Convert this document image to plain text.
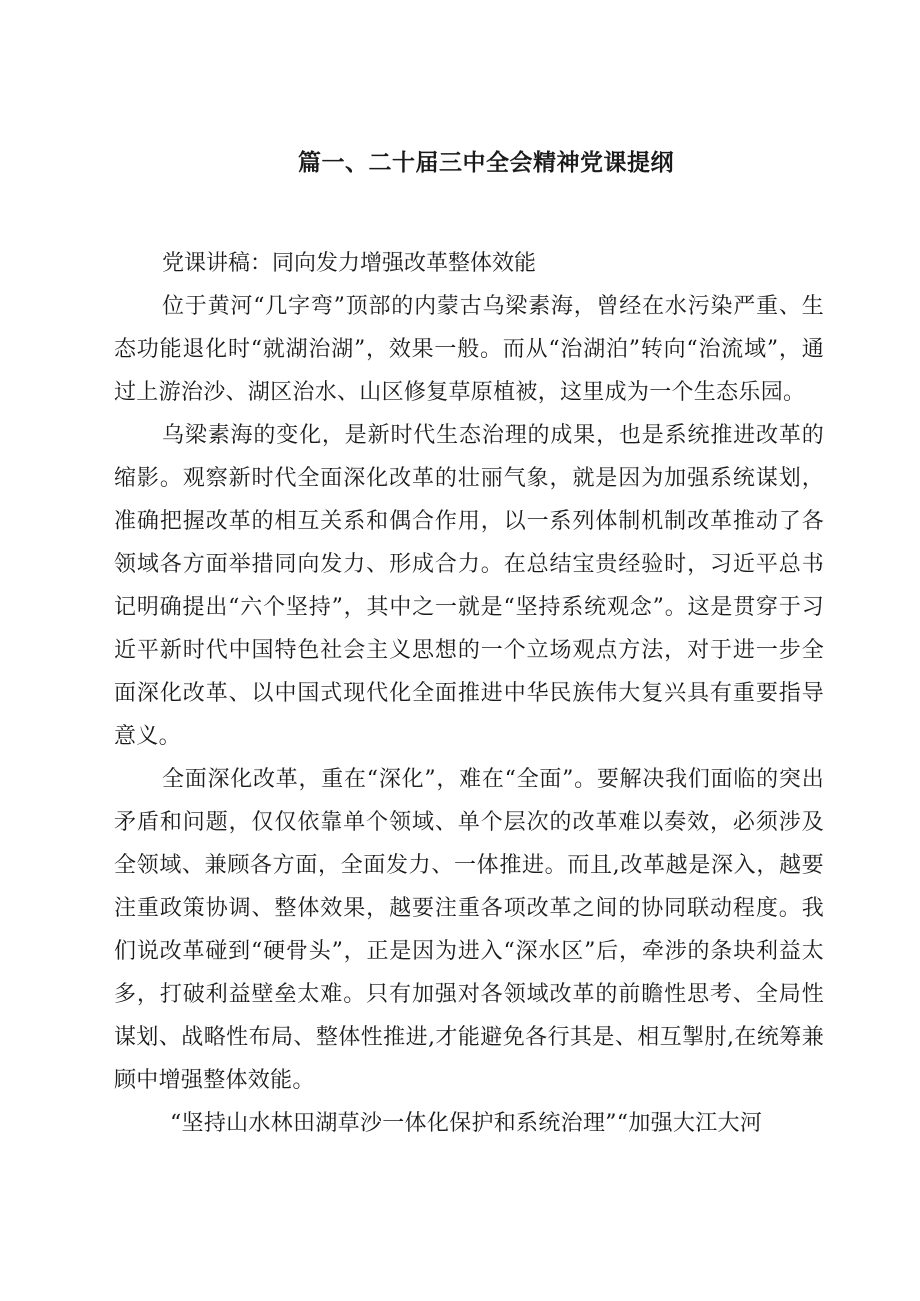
篇一、二十届三中全会精神党课提纲

党课讲稿：同向发力增强改革整体效能

位于黄河“几字弯”顶部的内蒙古乌梁素海，曾经在水污染严重、生态功能退化时“就湖治湖”，效果一般。而从“治湖泊”转向“治流域”，通过上游治沙、湖区治水、山区修复草原植被，这里成为一个生态乐园。

乌梁素海的变化，是新时代生态治理的成果，也是系统推进改革的缩影。观察新时代全面深化改革的壮丽气象，就是因为加强系统谋划，准确把握改革的相互关系和偶合作用，以一系列体制机制改革推动了各领域各方面举措同向发力、形成合力。在总结宝贵经验时，习近平总书记明确提出“六个坚持”，其中之一就是“坚持系统观念”。这是贯穿于习近平新时代中国特色社会主义思想的一个立场观点方法，对于进一步全面深化改革、以中国式现代化全面推进中华民族伟大复兴具有重要指导意义。

全面深化改革，重在“深化”，难在“全面”。要解决我们面临的突出矛盾和问题，仅仅依靠单个领域、单个层次的改革难以奏效，必须涉及全领域、兼顾各方面，全面发力、一体推进。而且,改革越是深入，越要注重政策协调、整体效果，越要注重各项改革之间的协同联动程度。我们说改革碰到“硬骨头”，正是因为进入“深水区”后，牵涉的条块利益太多，打破利益壁垒太难。只有加强对各领域改革的前瞻性思考、全局性谋划、战略性布局、整体性推进,才能避免各行其是、相互掣肘,在统筹兼顾中增强整体效能。

“坚持山水林田湖草沙一体化保护和系统治理”“加强大江大河
